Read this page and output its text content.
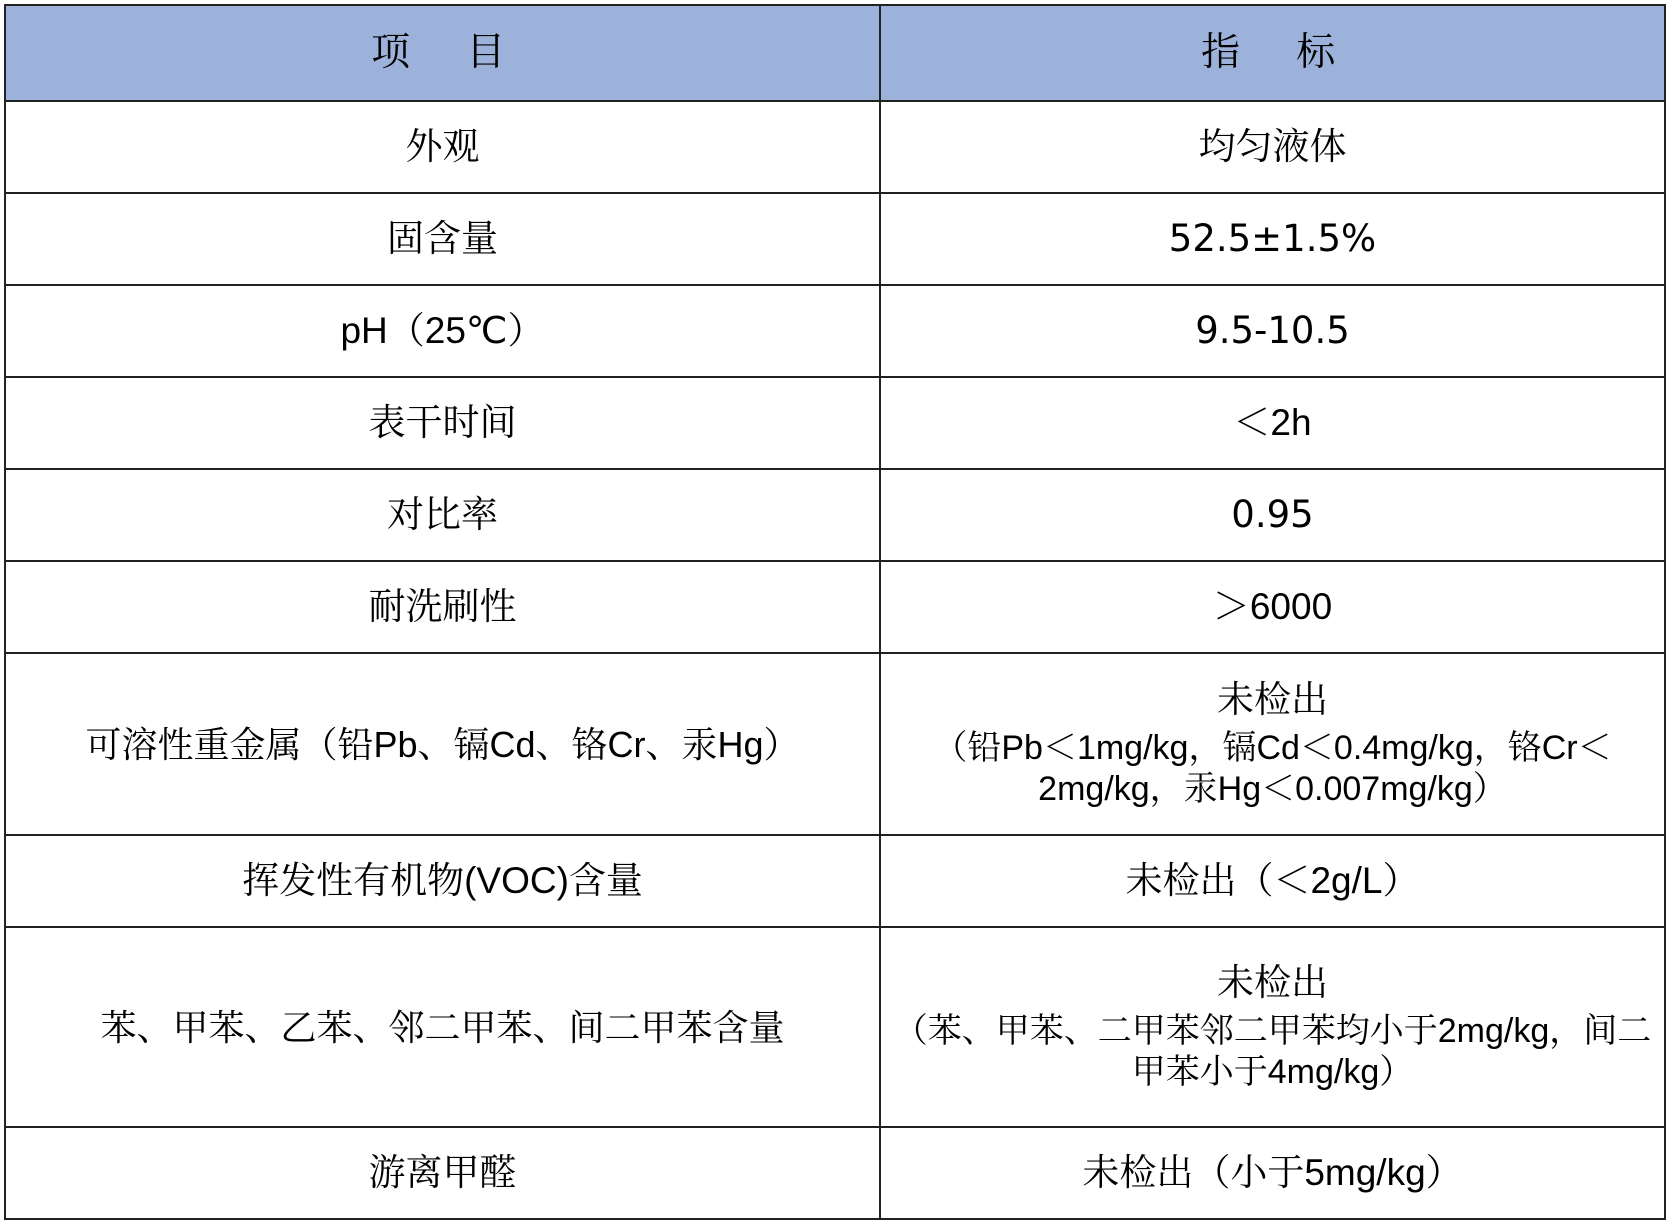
项　目	指　标
外观	均匀液体

固含量	52.5±1.5%

pH（25℃）	9.5-10.5

表干时间	＜2h

对比率	0.95

耐洗刷性	＞6000

可溶性重金属（铅Pb、镉Cd、铬Cr、汞Hg）	未检出
（铅Pb＜1mg/kg，镉Cd＜0.4mg/kg，铬Cr＜2mg/kg，汞Hg＜0.007mg/kg）

挥发性有机物(VOC)含量	未检出（＜2g/L）

苯、甲苯、乙苯、邻二甲苯、间二甲苯含量	未检出
（苯、甲苯、二甲苯邻二甲苯均小于2mg/kg，间二甲苯小于4mg/kg）

游离甲醛	未检出（小于5mg/kg）
